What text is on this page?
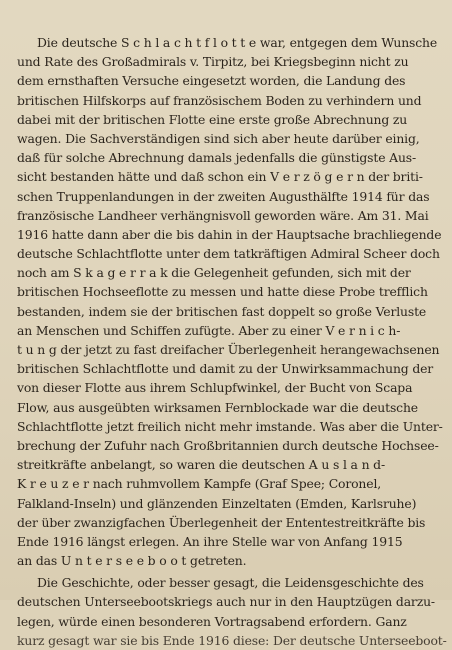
Die deutsche S c h l a c h t f l o t t e war, entgegen dem Wunsche
und Rate des Großadmirals v. Tirpitz, bei Kriegsbeginn nicht zu
dem ernsthaften Versuche eingesetzt worden, die Landung des
britischen Hilfskorps auf französischem Boden zu verhindern und
dabei mit der britischen Flotte eine erste große Abrechnung zu
wagen. Die Sachverständigen sind sich aber heute darüber einig,
daß für solche Abrechnung damals jedenfalls die günstigste Aus-
sicht bestanden hätte und daß schon ein V e r z ö g e r n der briti-
schen Truppenlandungen in der zweiten Augusthälfte 1914 für das
französische Landheer verhängnisvoll geworden wäre. Am 31. Mai
1916 hatte dann aber die bis dahin in der Hauptsache brachliegende
deutsche Schlachtflotte unter dem tatkräftigen Admiral Scheer doch
noch am S k a g e r r a k die Gelegenheit gefunden, sich mit der
britischen Hochseeflotte zu messen und hatte diese Probe trefflich
bestanden, indem sie der britischen fast doppelt so große Verluste
an Menschen und Schiffen zufügte. Aber zu einer V e r n i c h-
t u n g der jetzt zu fast dreifacher Überlegenheit herangewachsenen
britischen Schlachtflotte und damit zu der Unwirksammachung der
von dieser Flotte aus ihrem Schlupfwinkel, der Bucht von Scapa
Flow, aus ausgeübten wirksamen Fernblockade war die deutsche
Schlachtflotte jetzt freilich nicht mehr imstande. Was aber die Unter-
brechung der Zufuhr nach Großbritannien durch deutsche Hochsee-
streitkräfte anbelangt, so waren die deutschen A u s l a n d-
K r e u z e r nach ruhmvollem Kampfe (Graf Spee; Coronel,
Falkland-Inseln) und glänzenden Einzeltaten (Emden, Karlsruhe)
der über zwanzigfachen Überlegenheit der Ententestreitkräfte bis
Ende 1916 längst erlegen. An ihre Stelle war von Anfang 1915
an das U n t e r s e e b o o t getreten.
Die Geschichte, oder besser gesagt, die Leidensgeschichte des
deutschen Unterseebootskriegs auch nur in den Hauptzügen darzu-
legen, würde einen besonderen Vortragsabend erfordern. Ganz
kurz gesagt war sie bis Ende 1916 diese: Der deutsche Unterseeboot-
